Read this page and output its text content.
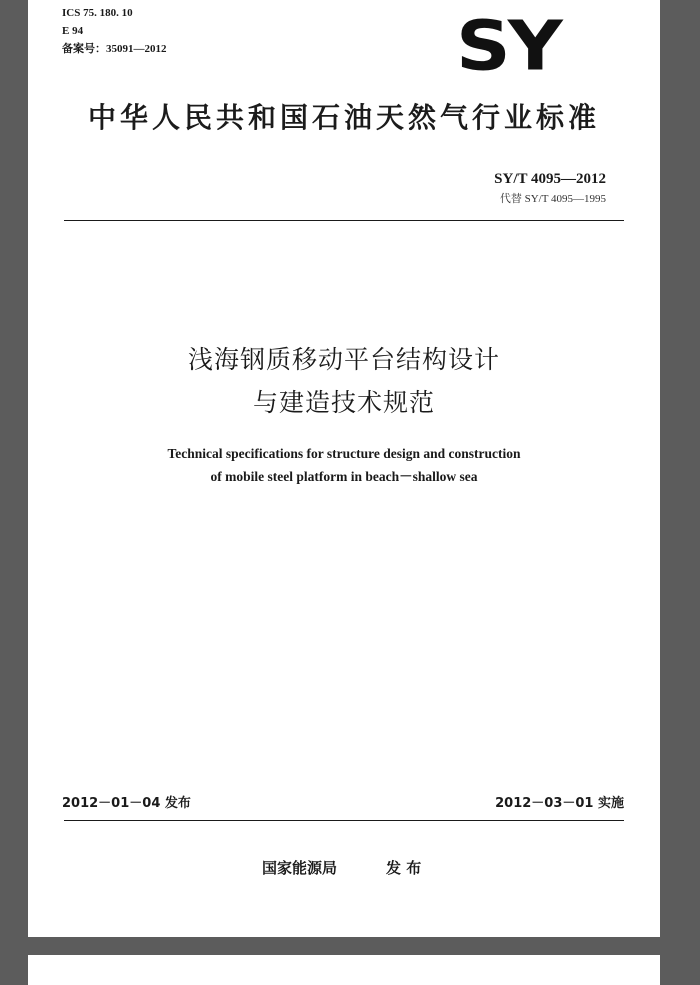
ICS 75. 180. 10
E 94
备案号：35091—2012	SY
中华人民共和国石油天然气行业标准
SY/T 4095—2012
代替 SY/T 4095—1995
浅海钢质移动平台结构设计
与建造技术规范
Technical specifications for structure design and construction
of mobile steel platform in beach－shallow sea
2012－01－04 发布	2012－03－01 实施
国家能源局	发 布
